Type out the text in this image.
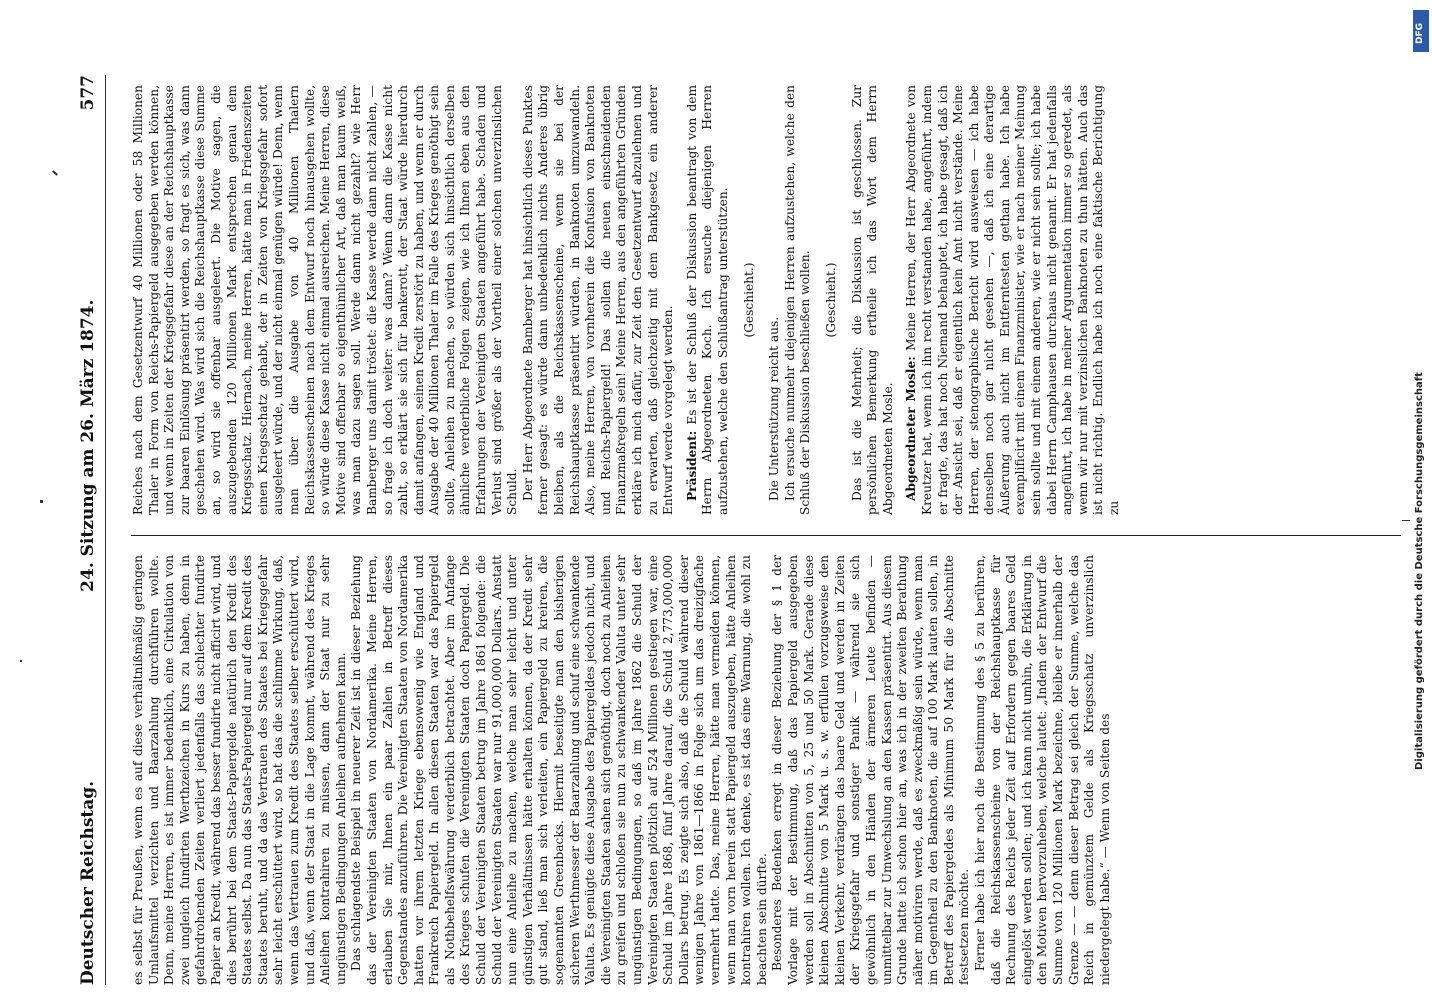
Deutscher Reichstag.
24. Sitzung am 26. März 1874.
577

es selbst für Preußen, wenn es auf diese verhältnißmäßig geringen Umlaufsmittel verzichten und Baarzahlung durchführen wollte. Denn, meine Herren, es ist immer bedenklich, eine Cirkulation von zwei ungleich fundirten Werthzeichen in Kurs zu haben, denn in gefahrdrohenden Zeiten verliert jedenfalls das schlechter fundirte Papier an Kredit, während das besser fundirte nicht afficirt wird, und dies berührt bei dem Staats-Papiergelde natürlich den Kredit des Staates selbst. Da nun das Staats-Papiergeld nur auf dem Kredit des Staates beruht, und da das Vertrauen des Staates bei Kriegsgefahr sehr leicht erschüttert wird, so hat das die schlimme Wirkung, daß, wenn das Vertrauen zum Kredit des Staates selber erschüttert wird, und daß, wenn der Staat in die Lage kommt, während des Krieges Anleihen kontrahiren zu müssen, dann der Staat nur zu sehr ungünstigen Bedingungen Anleihen aufnehmen kann. Das schlagendste Beispiel in neuerer Zeit ist in dieser Beziehung das der Vereinigten Staaten von Nordamerika. Meine Herren, erlauben Sie mir, Ihnen ein paar Zahlen in Betreff dieses Gegenstandes anzuführen. Die Vereinigten Staaten von Nordamerika hatten vor ihrem letzten Kriege ebensowenig wie England und Frankreich Papiergeld. In allen diesen Staaten war das Papiergeld als Nothbehelfswährung verderblich betrachtet. Aber im Anfange des Krieges schufen die Vereinigten Staaten doch Papiergeld. Die Schuld der Vereinigten Staaten betrug im Jahre 1861 folgende: die Schuld der Vereinigten Staaten war nur 91,000,000 Dollars. Anstatt nun eine Anleihe zu machen, welche man sehr leicht und unter günstigen Verhältnissen hätte erhalten können, da der Kredit sehr gut stand, ließ man sich verleiten, ein Papiergeld zu kreiren, die sogenannten Greenbacks. Hiermit beseitigte man den bisherigen sicheren Werthmesser der Baarzahlung und schuf eine schwankende Valuta. Es genügte diese Ausgabe des Papiergeldes jedoch nicht, und die Vereinigten Staaten sahen sich genöthigt, doch noch zu Anleihen zu greifen und schloßen sie nun zu schwankender Valuta unter sehr ungünstigen Bedingungen, so daß im Jahre 1862 die Schuld der Vereinigten Staaten plötzlich auf 524 Millionen gestiegen war, eine Schuld im Jahre 1868, fünf Jahre darauf, die Schuld 2,773,000,000 Dollars betrug. Es zeigte sich also, daß die Schuld während dieser wenigen Jahre von 1861—1866 in Folge sich um das dreizigfache vermehrt hatte. Das, meine Herren, hätte man vermeiden können, wenn man vorn herein statt Papiergeld auszugeben, hätte Anleihen kontrahiren wollen. Ich denke, es ist das eine Warnung, die wohl zu beachten sein dürfte. Besonderes Bedenken erregt in dieser Beziehung der § 1 der Vorlage mit der Bestimmung, daß das Papiergeld ausgegeben werden soll in Abschnitten von 5, 25 und 50 Mark. Gerade diese kleinen Abschnitte von 5 Mark u. s. w. erfüllen vorzugsweise den kleinen Verkehr, verdrängen das baare Geld und werden in Zeiten der Kriegsgefahr und sonstiger Panik — während sie sich gewöhnlich in den Händen der ärmeren Leute befinden — unmittelbar zur Umwechslung an den Kassen präsentirt. Aus diesem Grunde hatte ich schon hier an, was ich in der zweiten Berathung näher motiviren werde, daß es zweckmäßig sein würde, wenn man im Gegentheil zu den Banknoten, die auf 100 Mark lauten sollen, in Betreff des Papiergeldes als Minimum 50 Mark für die Abschnitte festsetzen möchte. Ferner habe ich hier noch die Bestimmung des § 5 zu berühren, daß die Reichskassenscheine von der Reichshauptkasse für Rechnung des Reichs jeder Zeit auf Erfordern gegen baares Geld eingelöst werden sollen; und ich kann nicht umhin, die Erklärung in den Motiven hervorzuheben, welche lautet: „Indem der Entwurf die Summe von 120 Millionen Mark bezeichne, bleibe er innerhalb der Grenze — — denn dieser Betrag sei gleich der Summe, welche das Reich in gemünztem Gelde als Kriegsschatz unverzinslich niedergelegt habe.“ — Wenn von Seiten des

Reiches nach dem Gesetzentwurf 40 Millionen oder 58 Millionen Thaler in Form von Reichs-Papiergeld ausgegeben werden können, und wenn in Zeiten der Kriegsgefahr diese an der Reichshauptkasse zur baaren Einlösung präsentirt werden, so fragt es sich, was dann geschehen wird. Was wird sich die Reichshauptkasse diese Summe an, so wird sie offenbar ausgeleert. Die Motive sagen, die auszugebenden 120 Millionen Mark entsprechen genau dem Kriegsschatz. Hiernach, meine Herren, hätte man in Friedenszeiten einen Kriegsschatz gehabt, der in Zeiten von Kriegsgefahr sofort ausgeleert würde, und der nicht einmal genügen würde! Denn, wenn man über die Ausgabe von 40 Millionen Thalern Reichskassenscheinen nach dem Entwurf noch hinausgehen wollte, so würde diese Kasse nicht einmal ausreichen. Meine Herren, diese Motive sind offenbar so eigenthümlicher Art, daß man kaum weiß, was man dazu sagen soll. Werde dann nicht gezahlt? wie Herr Bamberger uns damit tröstet: die Kasse werde dann nicht zahlen, — so frage ich doch weiter: was dann? Wenn dann die Kasse nicht zahlt, so erklärt sie sich für bankerott, der Staat würde hierdurch damit anfangen, seinen Kredit zerstört zu haben, und wenn er durch Ausgabe der 40 Millionen Thaler im Falle des Krieges genöthigt sein sollte, Anleihen zu machen, so würden sich hinsichtlich derselben ähnliche verderbliche Folgen zeigen, wie ich Ihnen eben aus den Erfahrungen der Vereinigten Staaten angeführt habe. Schaden und Verlust sind größer als der Vortheil einer solchen unverzinslichen Schuld. Der Herr Abgeordnete Bamberger hat hinsichtlich dieses Punktes ferner gesagt: es würde dann unbedenklich nichts Anderes übrig bleiben, als die Reichskassenscheine, wenn sie bei der Reichshauptkasse präsentirt würden, in Banknoten umzuwandeln. Also, meine Herren, von vornherein die Konfusion von Banknoten und Reichs-Papiergeld! Das sollen die neuen einschneidenden Finanzmaßregeln sein! Meine Herren, aus den angeführten Gründen erkläre ich mich dafür, zur Zeit den Gesetzentwurf abzulehnen und zu erwarten, daß gleichzeitig mit dem Bankgesetz ein anderer Entwurf werde vorgelegt werden. Präsident: Es ist der Schluß der Diskussion beantragt von dem Herrn Abgeordneten Koch. Ich ersuche diejenigen Herren aufzustehen, welche den Schlußantrag unterstützen. (Geschieht.)

Die Unterstützung reicht aus. Ich ersuche nunmehr diejenigen Herren aufzustehen, welche den Schluß der Diskussion beschließen wollen. (Geschieht.) Das ist die Mehrheit; die Diskussion ist geschlossen. Zur persönlichen Bemerkung ertheile ich das Wort dem Herrn Abgeordneten Mosle. Abgeordneter Mosle: Meine Herren, der Herr Abgeordnete von Kreutzer hat, wenn ich ihn recht verstanden habe, angeführt, indem er fragte, das hat noch Niemand behauptet, ich habe gesagt, daß ich der Ansicht sei, daß er eigentlich kein Amt nicht verstände. Meine Herren, der stenographische Bericht wird ausweisen — ich habe denselben noch gar nicht gesehen —, daß ich eine derartige Äußerung auch nicht im Entferntesten gethan habe. Ich habe exemplificirt mit einem Finanzminister, wie er nach meiner Meinung sein sollte und mit einem anderen, wie er nicht sein sollte; ich habe dabei Herrn Camphausen durchaus nicht genannt. Er hat jedenfalls angeführt, ich habe in meiner Argumentation immer so geredet, als wenn wir nur mit verzinslichen Banknoten zu thun hätten. Auch das ist nicht richtig. Endlich habe ich noch eine faktische Berichtigung zu	Digitalisierung gefördert durch die Deutsche Forschungsgemeinschaft
DFG
